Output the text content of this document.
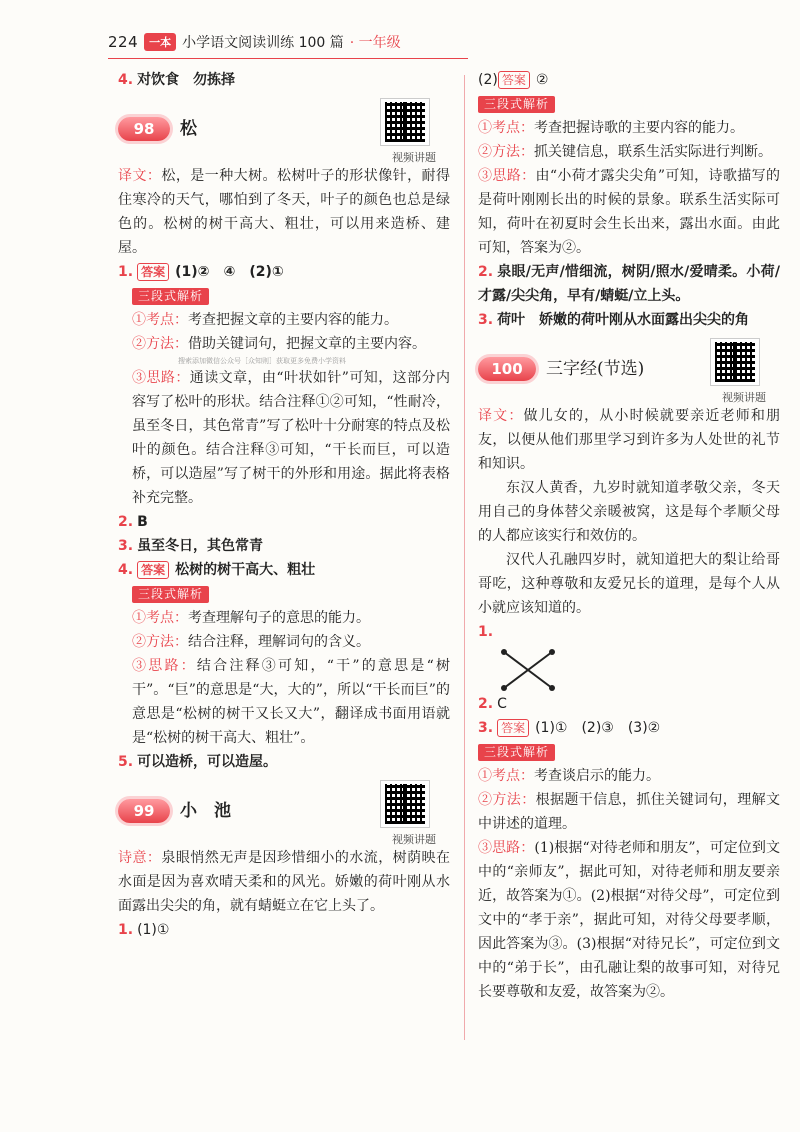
224	一本 小学语文阅读训练 100 篇 · 一年级

4. 对饮食　勿拣择

98	松
视频讲题

译文：松，是一种大树。松树叶子的形状像针，耐得住寒冷的天气，哪怕到了冬天，叶子的颜色也总是绿色的。松树的树干高大、粗壮，可以用来造桥、建屋。

1. 答案 (1)②　④　(2)①

三段式解析

①考点：考查把握文章的主要内容的能力。

②方法：借助关键词句，把握文章的主要内容。

搜索添加微信公众号［众知则］获取更多免费小学资料

③思路：通读文章，由“叶状如针”可知，这部分内容写了松叶的形状。结合注释①②可知，“性耐冷，虽至冬日，其色常青”写了松叶十分耐寒的特点及松叶的颜色。结合注释③可知，“干长而巨，可以造桥，可以造屋”写了树干的外形和用途。据此将表格补充完整。

2. B

3. 虽至冬日，其色常青

4. 答案 松树的树干高大、粗壮

三段式解析

①考点：考查理解句子的意思的能力。

②方法：结合注释，理解词句的含义。

③思路：结合注释③可知，“干”的意思是“树干”。“巨”的意思是“大，大的”，所以“干长而巨”的意思是“松树的树干又长又大”，翻译成书面用语就是“松树的树干高大、粗壮”。

5. 可以造桥，可以造屋。

99	小　池
视频讲题

诗意：泉眼悄然无声是因珍惜细小的水流，树荫映在水面是因为喜欢晴天柔和的风光。娇嫩的荷叶刚从水面露出尖尖的角，就有蜻蜓立在它上头了。

1. (1)①

(2) 答案 ②

三段式解析

①考点：考查把握诗歌的主要内容的能力。

②方法：抓关键信息，联系生活实际进行判断。

③思路：由“小荷才露尖尖角”可知，诗歌描写的是荷叶刚刚长出的时候的景象。联系生活实际可知，荷叶在初夏时会生长出来，露出水面。由此可知，答案为②。

2. 泉眼/无声/惜细流，树阴/照水/爱晴柔。小荷/才露/尖尖角，早有/蜻蜓/立上头。

3. 荷叶　娇嫩的荷叶刚从水面露出尖尖的角

100	三字经(节选)
视频讲题

译文：做儿女的，从小时候就要亲近老师和朋友，以便从他们那里学习到许多为人处世的礼节和知识。

东汉人黄香，九岁时就知道孝敬父亲，冬天用自己的身体替父亲暖被窝，这是每个孝顺父母的人都应该实行和效仿的。

汉代人孔融四岁时，就知道把大的梨让给哥哥吃，这种尊敬和友爱兄长的道理，是每个人从小就应该知道的。

1.

2. C

3. 答案 (1)①　(2)③　(3)②

三段式解析

①考点：考查谈启示的能力。

②方法：根据题干信息，抓住关键词句，理解文中讲述的道理。

③思路：(1)根据“对待老师和朋友”，可定位到文中的“亲师友”，据此可知，对待老师和朋友要亲近，故答案为①。(2)根据“对待父母”，可定位到文中的“孝于亲”，据此可知，对待父母要孝顺，因此答案为③。(3)根据“对待兄长”，可定位到文中的“弟于长”，由孔融让梨的故事可知，对待兄长要尊敬和友爱，故答案为②。
